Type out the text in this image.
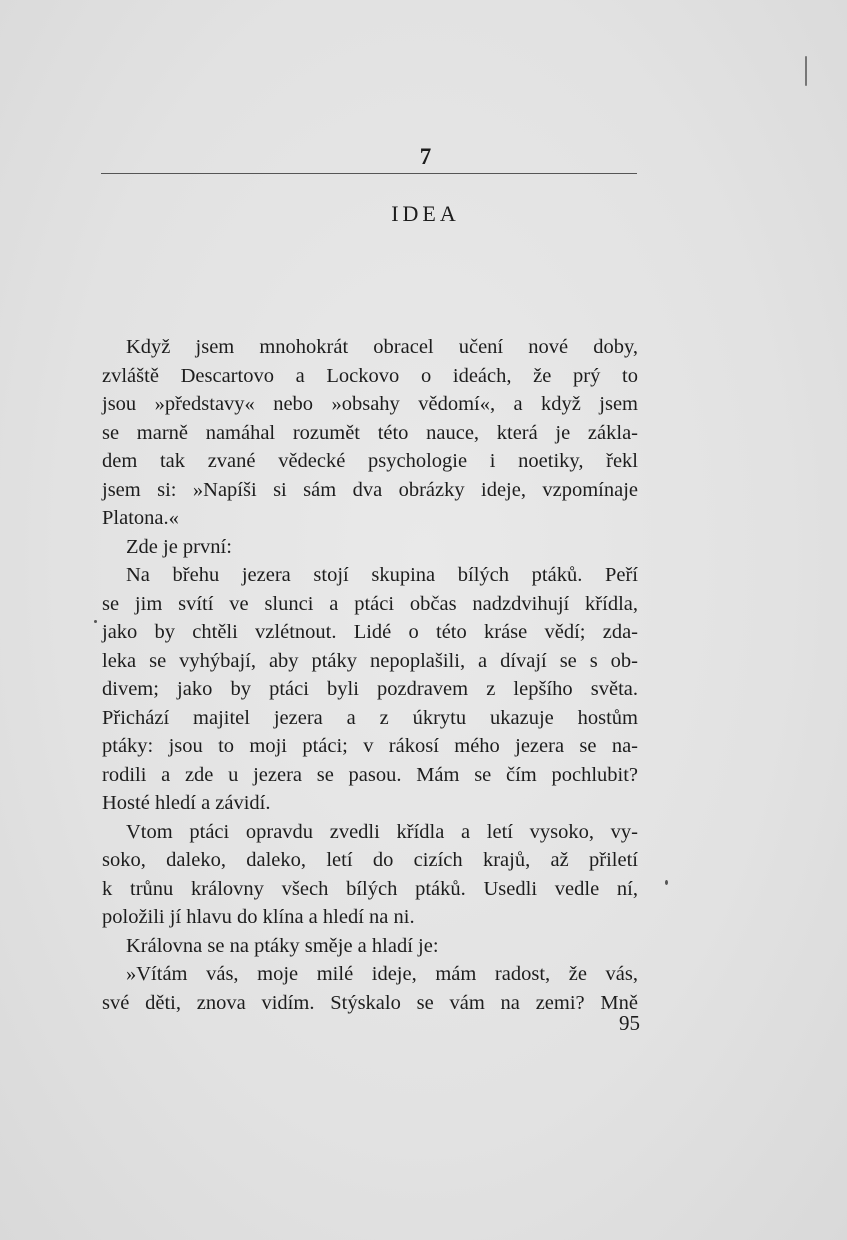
7
IDEA
Když jsem mnohokrát obracel učení nové doby,
zvláště Descartovo a Lockovo o ideách, že prý to
jsou »představy« nebo »obsahy vědomí«, a když jsem
se marně namáhal rozumět této nauce, která je zákla-
dem tak zvané vědecké psychologie i noetiky, řekl
jsem si: »Napíši si sám dva obrázky ideje, vzpomínaje
Platona.«
Zde je první:
Na břehu jezera stojí skupina bílých ptáků. Peří
se jim svítí ve slunci a ptáci občas nadzdvihují křídla,
jako by chtěli vzlétnout. Lidé o této kráse vědí; zda-
leka se vyhýbají, aby ptáky nepoplašili, a dívají se s ob-
divem; jako by ptáci byli pozdravem z lepšího světa.
Přichází majitel jezera a z úkrytu ukazuje hostům
ptáky: jsou to moji ptáci; v rákosí mého jezera se na-
rodili a zde u jezera se pasou. Mám se čím pochlubit?
Hosté hledí a závidí.
Vtom ptáci opravdu zvedli křídla a letí vysoko, vy-
soko, daleko, daleko, letí do cizích krajů, až přiletí
k trůnu královny všech bílých ptáků. Usedli vedle ní,
položili jí hlavu do klína a hledí na ni.
Královna se na ptáky směje a hladí je:
»Vítám vás, moje milé ideje, mám radost, že vás,
své děti, znova vidím. Stýskalo se vám na zemi? Mně

95
